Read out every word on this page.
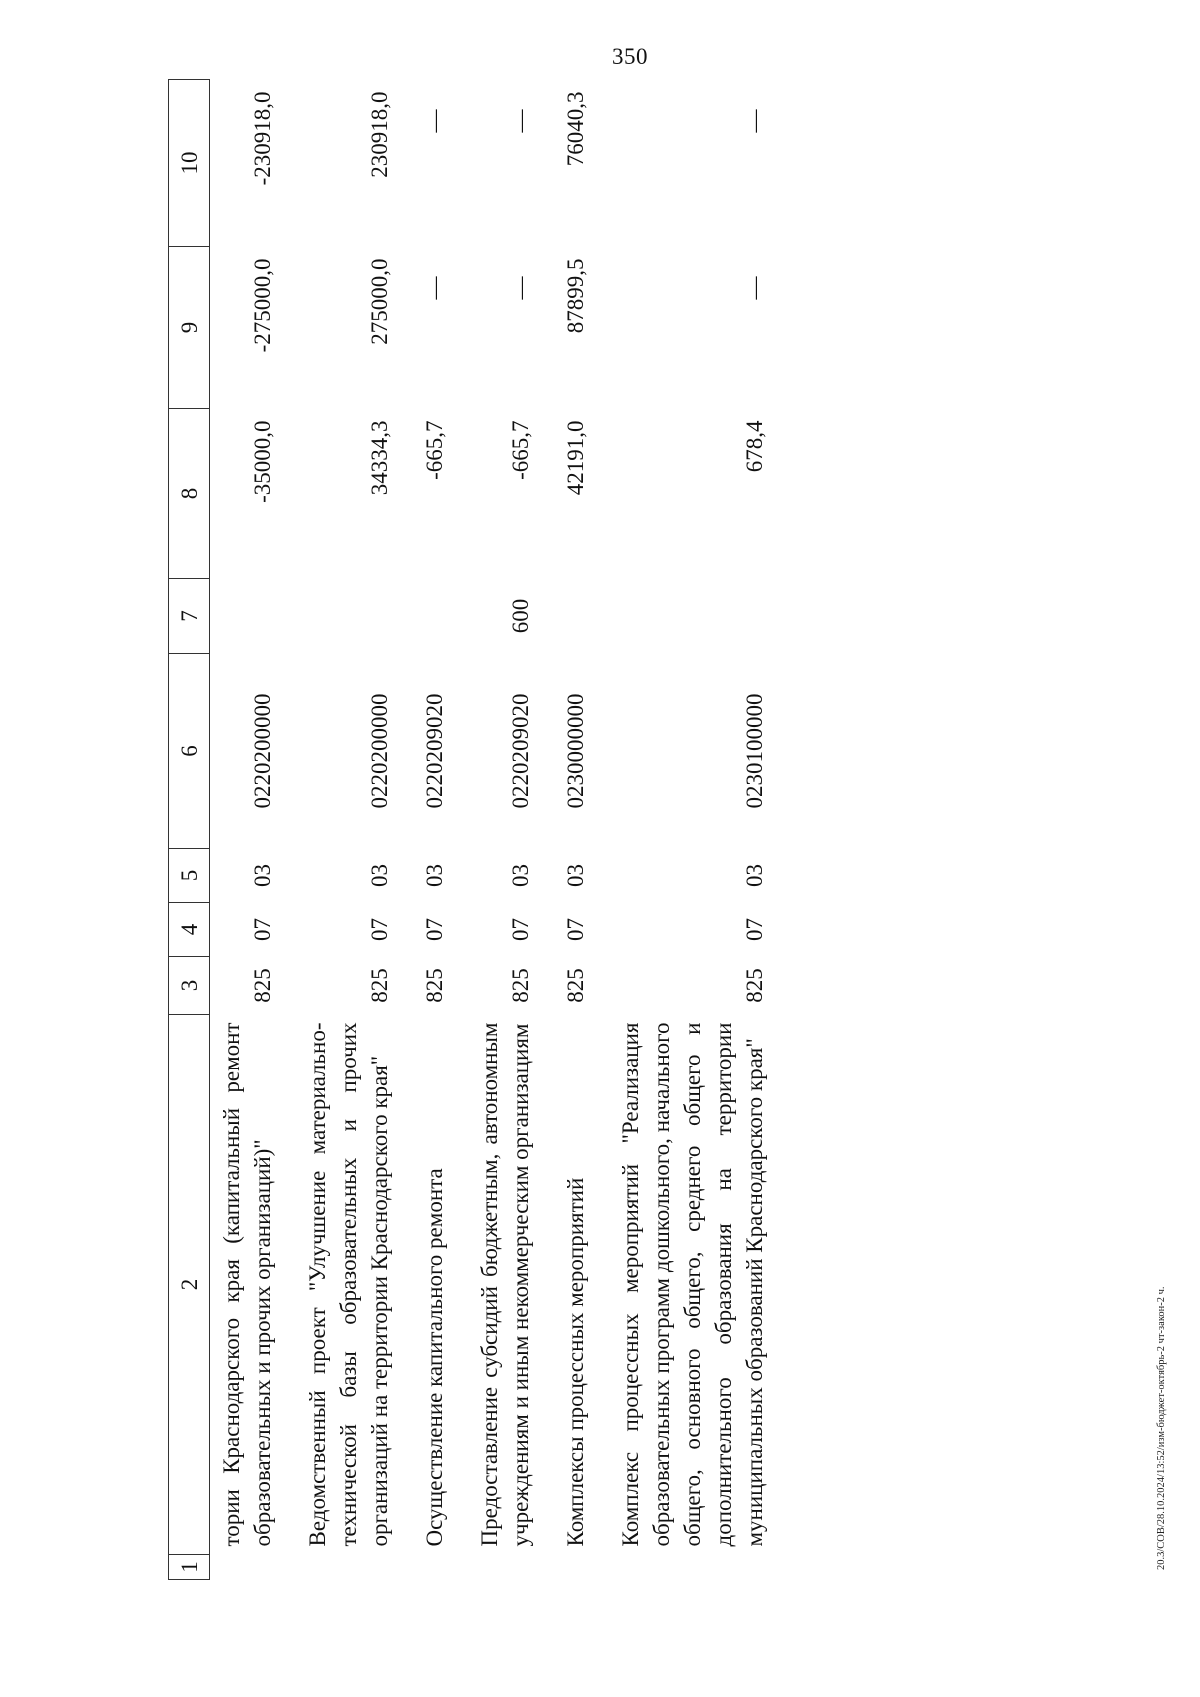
350
1	2	3	4	5	6	7	8	9	10
	тории Краснодарского края (капитальный ремонт образовательных и прочих организаций)"	825	07	03	0220200000		-35000,0	-275000,0	-230918,0
	Ведомственный проект "Улучшение материально-технической базы образовательных и прочих организаций на территории Краснодарского края"	825	07	03	0220200000		34334,3	275000,0	230918,0
	Осуществление капитального ремонта	825	07	03	0220209020		-665,7	—	—
	Предоставление субсидий бюджетным, автономным учреждениям и иным некоммерческим организациям	825	07	03	0220209020	600	-665,7	—	—
	Комплексы процессных мероприятий	825	07	03	0230000000		42191,0	87899,5	76040,3
	Комплекс процессных мероприятий "Реализация образовательных программ дошкольного, начального общего, основного общего, среднего общего и дополнительного образования на территории муниципальных образований Краснодарского края"	825	07	03	0230100000		678,4	—	—
20.3/СОВ/28.10.2024/13:52/изм-бюджет-октябрь-2 чт-закон-2 ч.
